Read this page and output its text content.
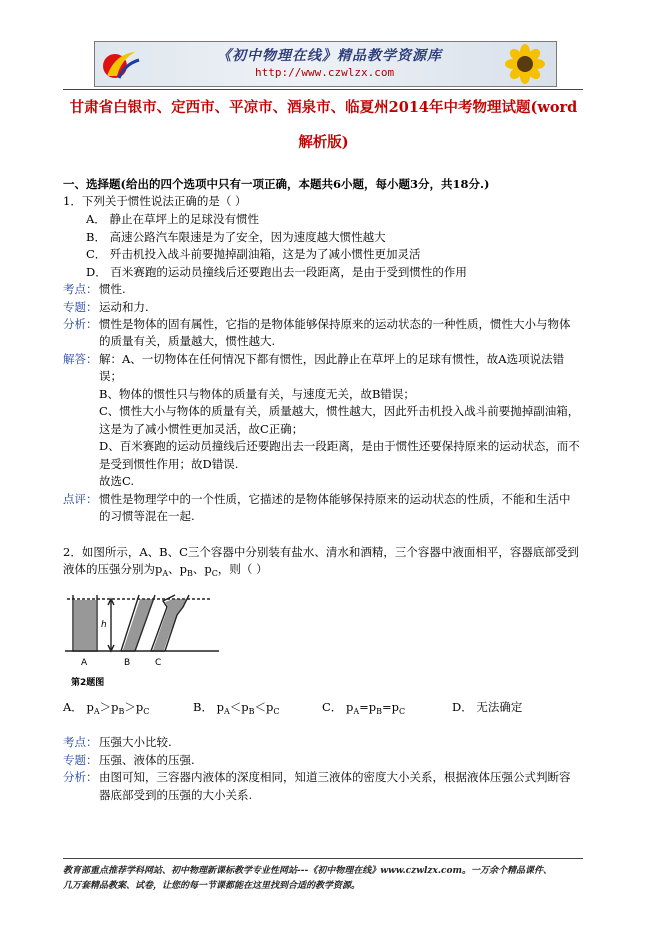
《初中物理在线》精品教学资源库
http://www.czwlzx.com
甘肃省白银市、定西市、平凉市、酒泉市、临夏州2014年中考物理试题(word
解析版)
一、选择题(给出的四个选项中只有一项正确，本题共6小题，每小题3分，共18分.)
1．下列关于惯性说法正确的是（ ）
A． 静止在草坪上的足球没有惯性
B． 高速公路汽车限速是为了安全，因为速度越大惯性越大
C． 歼击机投入战斗前要抛掉副油箱，这是为了减小惯性更加灵活
D． 百米赛跑的运动员撞线后还要跑出去一段距离，是由于受到惯性的作用
考点： 惯性.
专题： 运动和力.
分析： 惯性是物体的固有属性，它指的是物体能够保持原来的运动状态的一种性质，惯性大小与物体
的质量有关，质量越大，惯性越大.
解答： 解：A、一切物体在任何情况下都有惯性，因此静止在草坪上的足球有惯性，故A选项说法错
误；
B、物体的惯性只与物体的质量有关，与速度无关，故B错误；
C、惯性大小与物体的质量有关，质量越大，惯性越大，因此歼击机投入战斗前要抛掉副油箱，
这是为了减小惯性更加灵活，故C正确；
D、百米赛跑的运动员撞线后还要跑出去一段距离，是由于惯性还要保持原来的运动状态，而不
是受到惯性作用；故D错误.
故选C.
点评： 惯性是物理学中的一个性质，它描述的是物体能够保持原来的运动状态的性质，不能和生活中
的习惯等混在一起.
2．如图所示，A、B、C三个容器中分别装有盐水、清水和酒精，三个容器中液面相平，容器底部受到
液体的压强分别为$p_A$、$p_B$、$p_C$，则（ ）
A	B	C
h
第2题图
A． $p_A>p_B>p_C$	B． $p_A<p_B<p_C$	C． $p_A=p_B=p_C$	D． 无法确定
考点： 压强大小比较.
专题： 压强、液体的压强.
分析： 由图可知，三容器内液体的深度相同，知道三液体的密度大小关系，根据液体压强公式判断容
器底部受到的压强的大小关系.
教育部重点推荐学科网站、初中物理新课标教学专业性网站---《初中物理在线》www.czwlzx.com。一万余个精品课件、
几万套精品教案、试卷，让您的每一节课都能在这里找到合适的教学资源。
